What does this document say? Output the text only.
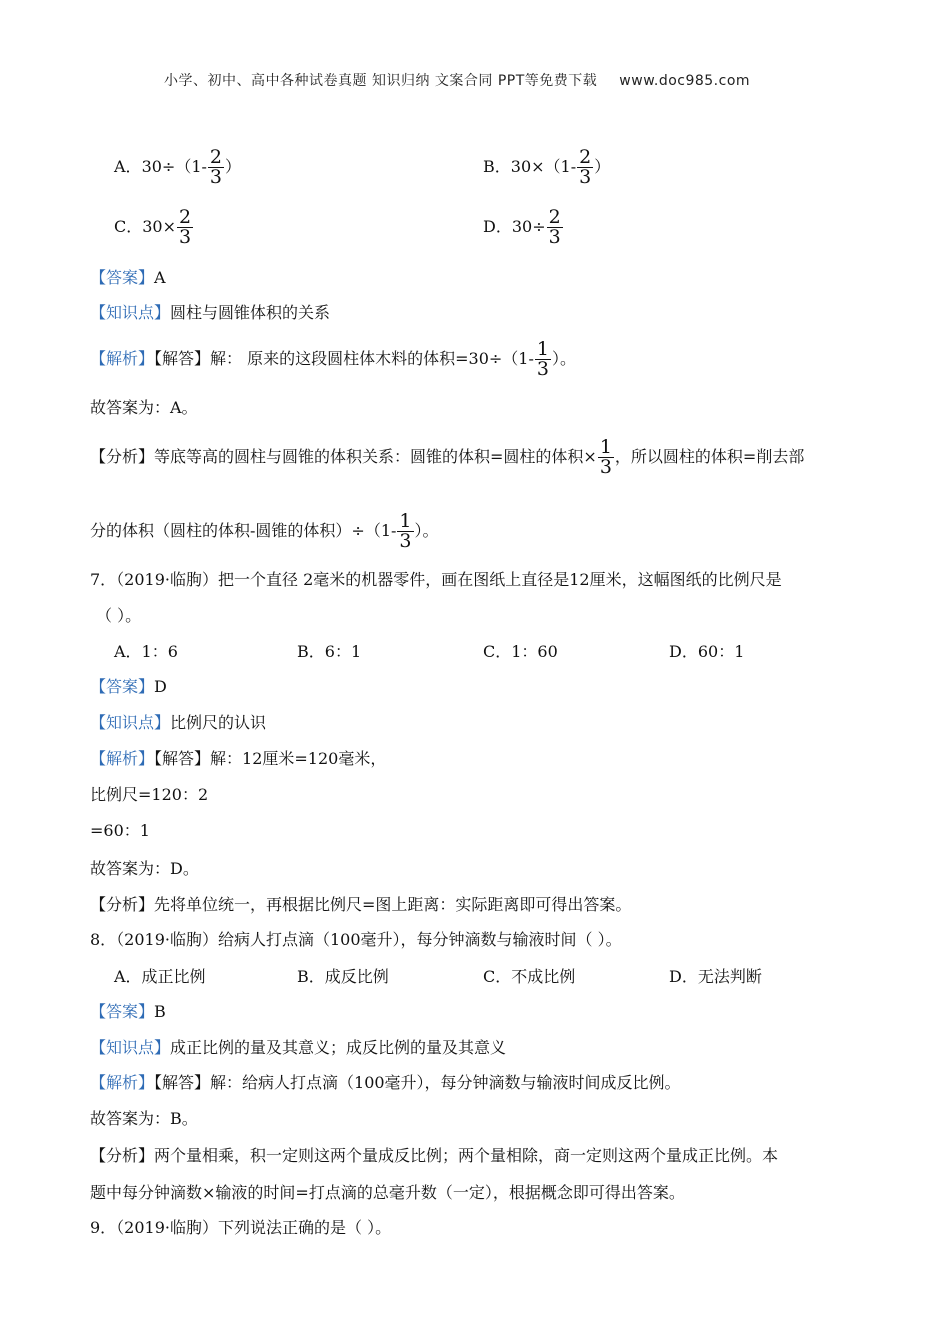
小学、初中、高中各种试卷真题 知识归纳 文案合同 PPT等免费下载 www.doc985.com
A．$30\div(1- \frac{2}{3}$ ）	B．$30\times(1- \frac{2}{3}$ ）
C．$30\times \frac{2}{3}$	D．$30\div \frac{2}{3}$
【答案】A
【知识点】圆柱与圆锥体积的关系
【解析】【解答】解： 原来的这段圆柱体木料的体积$=30\div(1- \frac{1}{3}$ ）。
故答案为：A。
【分析】等底等高的圆柱与圆锥的体积关系：圆锥的体积=圆柱的体积× $\frac{1}{3}$ ，所以圆柱的体积=削去部
分的体积（圆柱的体积-圆锥的体积）$\div(1- \frac{1}{3}$ ）。
7．（2019·临朐）把一个直径 2毫米的机器零件，画在图纸上直径是12厘米，这幅图纸的比例尺是
（ ）。
A．1：6	B．6：1	C．1：60	D．60：1
【答案】D
【知识点】比例尺的认识
【解析】【解答】解：12厘米=120毫米，
比例尺=120：2
=60：1
故答案为：D。
【分析】先将单位统一，再根据比例尺=图上距离：实际距离即可得出答案。
8．（2019·临朐）给病人打点滴（100毫升），每分钟滴数与输液时间（ ）。
A．成正比例	B．成反比例	C．不成比例	D．无法判断
【答案】B
【知识点】成正比例的量及其意义；成反比例的量及其意义
【解析】【解答】解：给病人打点滴（100毫升），每分钟滴数与输液时间成反比例。
故答案为：B。
【分析】两个量相乘，积一定则这两个量成反比例；两个量相除，商一定则这两个量成正比例。本
题中每分钟滴数×输液的时间=打点滴的总毫升数（一定），根据概念即可得出答案。
9．（2019·临朐）下列说法正确的是（ ）。
